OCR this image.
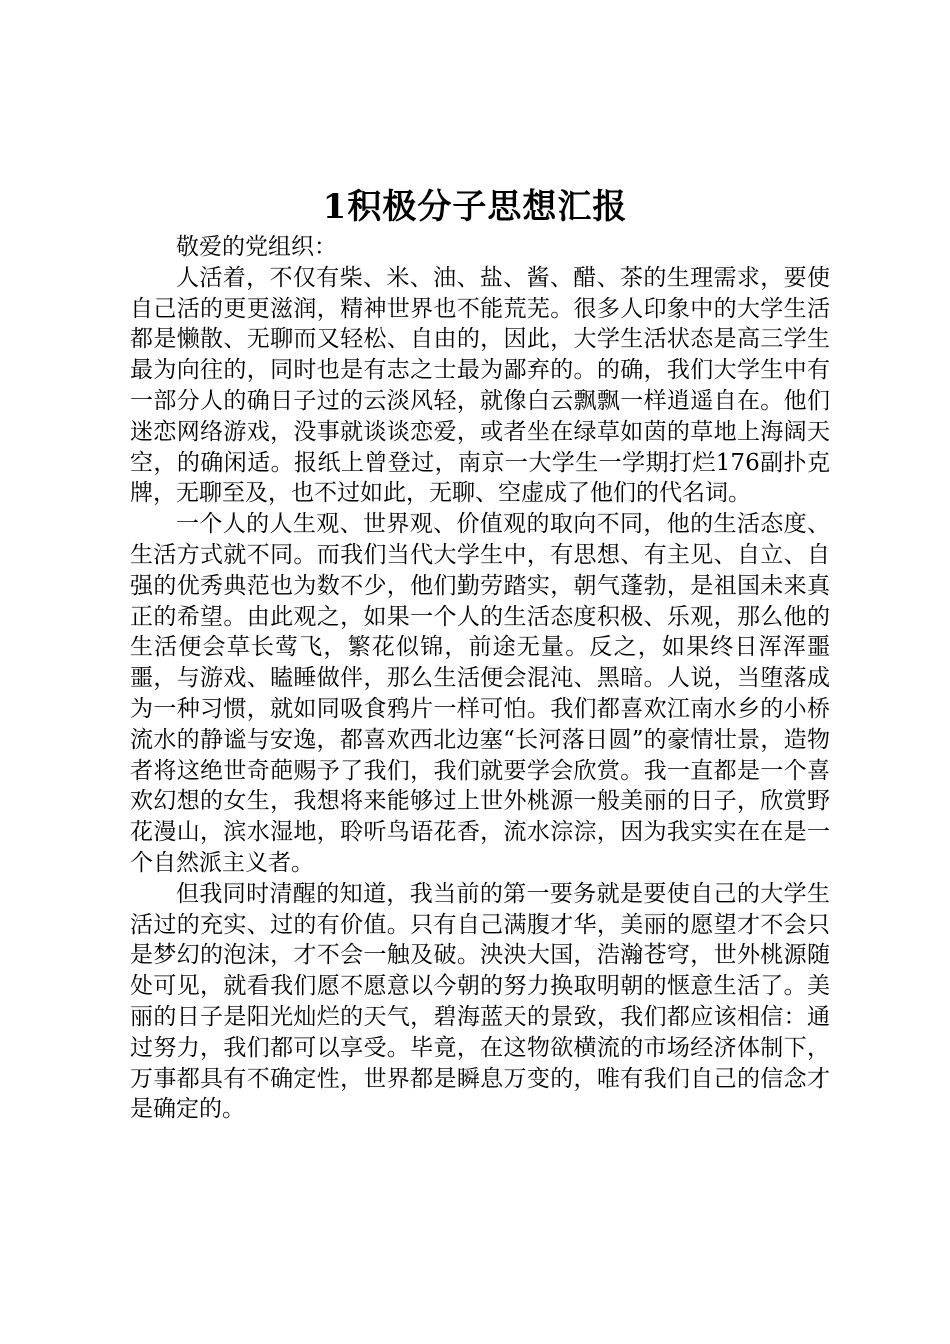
1积极分子思想汇报

敬爱的党组织：

人活着，不仅有柴、米、油、盐、酱、醋、茶的生理需求，要使自己活的更更滋润，精神世界也不能荒芜。很多人印象中的大学生活都是懒散、无聊而又轻松、自由的，因此，大学生活状态是高三学生最为向往的，同时也是有志之士最为鄙弃的。的确，我们大学生中有一部分人的确日子过的云淡风轻，就像白云飘飘一样逍遥自在。他们迷恋网络游戏，没事就谈谈恋爱，或者坐在绿草如茵的草地上海阔天空，的确闲适。报纸上曾登过，南京一大学生一学期打烂176副扑克牌，无聊至及，也不过如此，无聊、空虚成了他们的代名词。

一个人的人生观、世界观、价值观的取向不同，他的生活态度、生活方式就不同。而我们当代大学生中，有思想、有主见、自立、自强的优秀典范也为数不少，他们勤劳踏实，朝气蓬勃，是祖国未来真正的希望。由此观之，如果一个人的生活态度积极、乐观，那么他的生活便会草长莺飞，繁花似锦，前途无量。反之，如果终日浑浑噩噩，与游戏、瞌睡做伴，那么生活便会混沌、黑暗。人说，当堕落成为一种习惯，就如同吸食鸦片一样可怕。我们都喜欢江南水乡的小桥流水的静谧与安逸，都喜欢西北边塞“长河落日圆”的豪情壮景，造物者将这绝世奇葩赐予了我们，我们就要学会欣赏。我一直都是一个喜欢幻想的女生，我想将来能够过上世外桃源一般美丽的日子，欣赏野花漫山，滨水湿地，聆听鸟语花香，流水淙淙，因为我实实在在是一个自然派主义者。

但我同时清醒的知道，我当前的第一要务就是要使自己的大学生活过的充实、过的有价值。只有自己满腹才华，美丽的愿望才不会只是梦幻的泡沫，才不会一触及破。泱泱大国，浩瀚苍穹，世外桃源随处可见，就看我们愿不愿意以今朝的努力换取明朝的惬意生活了。美丽的日子是阳光灿烂的天气，碧海蓝天的景致，我们都应该相信：通过努力，我们都可以享受。毕竟，在这物欲横流的市场经济体制下，万事都具有不确定性，世界都是瞬息万变的，唯有我们自己的信念才是确定的。
